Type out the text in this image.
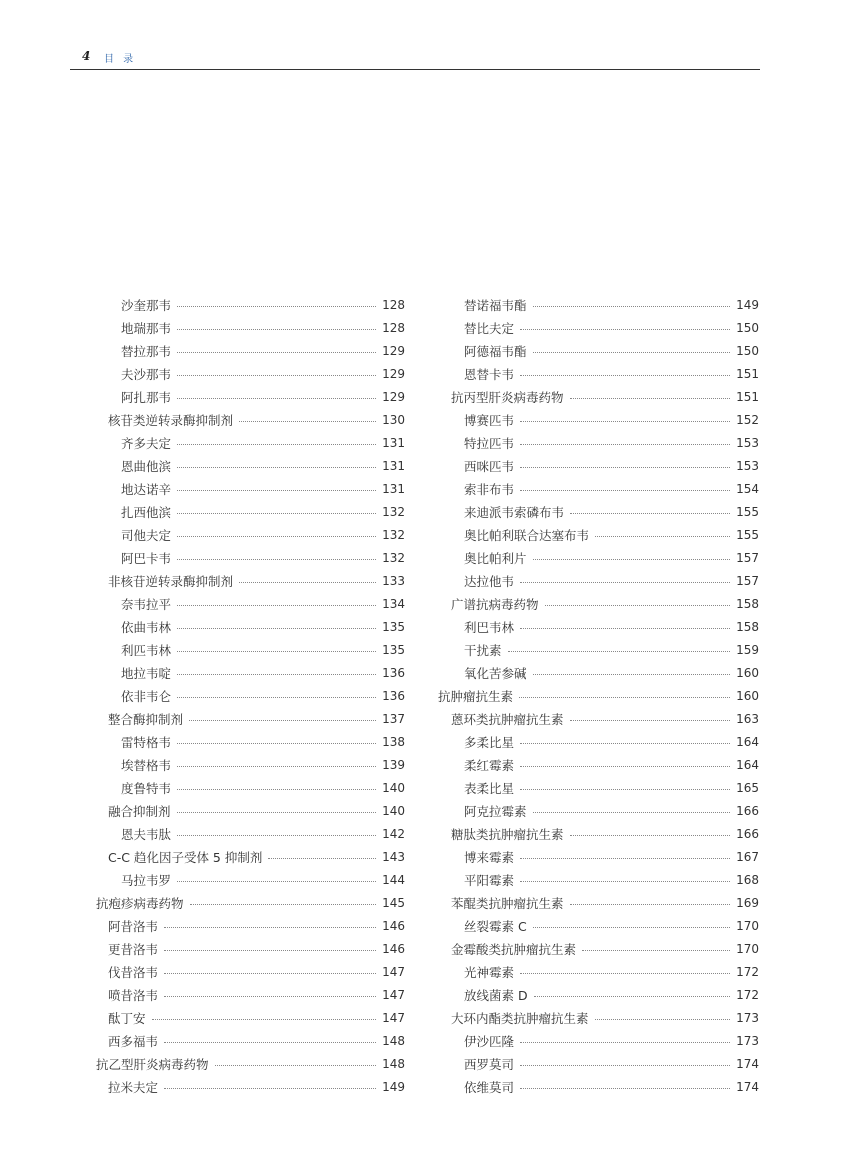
4 目 录
沙奎那韦	128
地瑞那韦	128
替拉那韦	129
夫沙那韦	129
阿扎那韦	129
核苷类逆转录酶抑制剂	130
齐多夫定	131
恩曲他滨	131
地达诺辛	131
扎西他滨	132
司他夫定	132
阿巴卡韦	132
非核苷逆转录酶抑制剂	133
奈韦拉平	134
依曲韦林	135
利匹韦林	135
地拉韦啶	136
依非韦仑	136
整合酶抑制剂	137
雷特格韦	138
埃替格韦	139
度鲁特韦	140
融合抑制剂	140
恩夫韦肽	142
C-C 趋化因子受体 5 抑制剂	143
马拉韦罗	144
抗疱疹病毒药物	145
阿昔洛韦	146
更昔洛韦	146
伐昔洛韦	147
喷昔洛韦	147
酞丁安	147
西多福韦	148
抗乙型肝炎病毒药物	148
拉米夫定	149
替诺福韦酯	149
替比夫定	150
阿德福韦酯	150
恩替卡韦	151
抗丙型肝炎病毒药物	151
博赛匹韦	152
特拉匹韦	153
西咪匹韦	153
索非布韦	154
来迪派韦索磷布韦	155
奥比帕利联合达塞布韦	155
奥比帕利片	157
达拉他韦	157
广谱抗病毒药物	158
利巴韦林	158
干扰素	159
氧化苦参碱	160
抗肿瘤抗生素	160
蒽环类抗肿瘤抗生素	163
多柔比星	164
柔红霉素	164
表柔比星	165
阿克拉霉素	166
糖肽类抗肿瘤抗生素	166
博来霉素	167
平阳霉素	168
苯醌类抗肿瘤抗生素	169
丝裂霉素 C	170
金霉酸类抗肿瘤抗生素	170
光神霉素	172
放线菌素 D	172
大环内酯类抗肿瘤抗生素	173
伊沙匹隆	173
西罗莫司	174
依维莫司	174
